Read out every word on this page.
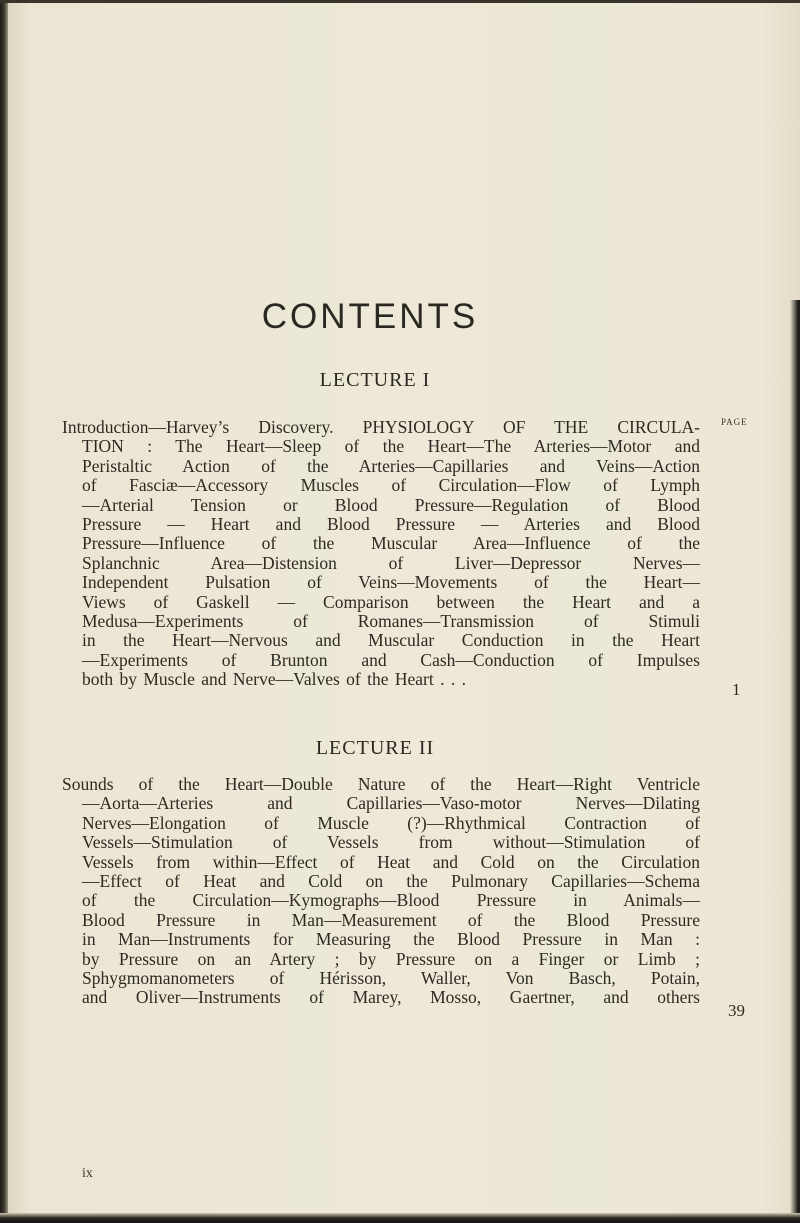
CONTENTS
LECTURE I
PAGE
Introduction—Harvey’s Discovery. PHYSIOLOGY OF THE CIRCULA-
TION : The Heart—Sleep of the Heart—The Arteries—Motor and
Peristaltic Action of the Arteries—Capillaries and Veins—Action
of Fasciæ—Accessory Muscles of Circulation—Flow of Lymph
—Arterial Tension or Blood Pressure—Regulation of Blood
Pressure — Heart and Blood Pressure — Arteries and Blood
Pressure—Influence of the Muscular Area—Influence of the
Splanchnic Area—Distension of Liver—Depressor Nerves—
Independent Pulsation of Veins—Movements of the Heart—
Views of Gaskell — Comparison between the Heart and a
Medusa—Experiments of Romanes—Transmission of Stimuli
in the Heart—Nervous and Muscular Conduction in the Heart
—Experiments of Brunton and Cash—Conduction of Impulses
both by Muscle and Nerve—Valves of the Heart . . .
1
LECTURE II
Sounds of the Heart—Double Nature of the Heart—Right Ventricle
—Aorta—Arteries and Capillaries—Vaso-motor Nerves—Dilating
Nerves—Elongation of Muscle (?)—Rhythmical Contraction of
Vessels—Stimulation of Vessels from without—Stimulation of
Vessels from within—Effect of Heat and Cold on the Circulation
—Effect of Heat and Cold on the Pulmonary Capillaries—Schema
of the Circulation—Kymographs—Blood Pressure in Animals—
Blood Pressure in Man—Measurement of the Blood Pressure
in Man—Instruments for Measuring the Blood Pressure in Man :
by Pressure on an Artery ; by Pressure on a Finger or Limb ;
Sphygmomanometers of Hérisson, Waller, Von Basch, Potain,
and Oliver—Instruments of Marey, Mosso, Gaertner, and others
39
ix
